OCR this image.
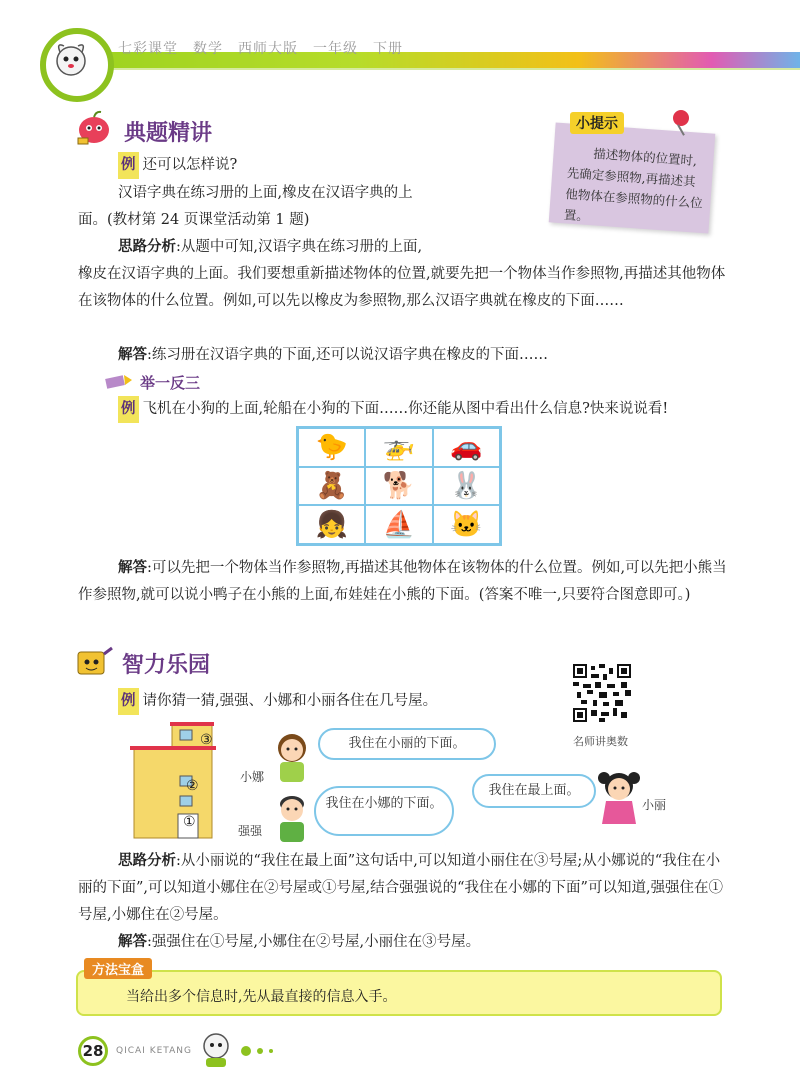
七彩课堂　数学　西师大版　一年级　下册
典题精讲
例 还可以怎样说?
汉语字典在练习册的上面,橡皮在汉语字典的上
面。(教材第 24 页课堂活动第 1 题)
思路分析:从题中可知,汉语字典在练习册的上面,
橡皮在汉语字典的上面。我们要想重新描述物体的位置,就要先把一个物体当作参照物,再描述其他物体在该物体的什么位置。例如,可以先以橡皮为参照物,那么汉语字典就在橡皮的下面……
解答:练习册在汉语字典的下面,还可以说汉语字典在橡皮的下面……
描述物体的位置时,先确定参照物,再描述其他物体在参照物的什么位置。
小提示
举一反三
例 飞机在小狗的上面,轮船在小狗的下面……你还能从图中看出什么信息?快来说说看!
🐤	🚁	🚗
🧸	🐕	🐰
👧	⛵	🐱
解答:可以先把一个物体当作参照物,再描述其他物体在该物体的什么位置。例如,可以先把小熊当作参照物,就可以说小鸭子在小熊的上面,布娃娃在小熊的下面。(答案不唯一,只要符合图意即可。)
智力乐园
例 请你猜一猜,强强、小娜和小丽各住在几号屋。
名师讲奥数
③
②
①
小娜
我住在小丽的下面。
强强
我住在小娜的下面。
我住在最上面。
小丽
思路分析:从小丽说的“我住在最上面”这句话中,可以知道小丽住在③号屋;从小娜说的“我住在小丽的下面”,可以知道小娜住在②号屋或①号屋,结合强强说的“我住在小娜的下面”可以知道,强强住在①号屋,小娜住在②号屋。
解答:强强住在①号屋,小娜住在②号屋,小丽住在③号屋。
方法宝盒
当给出多个信息时,先从最直接的信息入手。
28	QICAI KETANG
